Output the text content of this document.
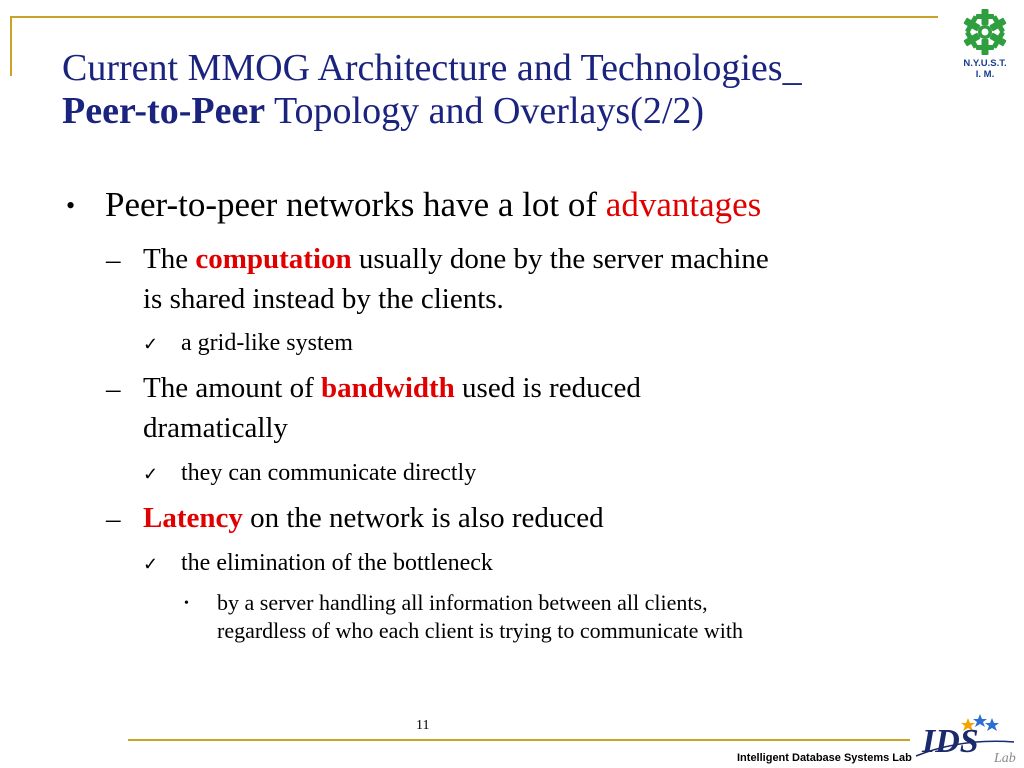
N.Y.U.S.T.
I. M.
Current MMOG Architecture and Technologies_
Peer-to-Peer Topology and Overlays(2/2)
• Peer-to-peer networks have a lot of advantages
– The computation usually done by the server machine
is shared instead by the clients.
✓ a grid-like system
– The amount of bandwidth used is reduced
dramatically
✓ they can communicate directly
– Latency on the network is also reduced
✓ the elimination of the bottleneck
• by a server handling all information between all clients,
regardless of who each client is trying to communicate with
11	IDS Lab
Intelligent Database Systems Lab
